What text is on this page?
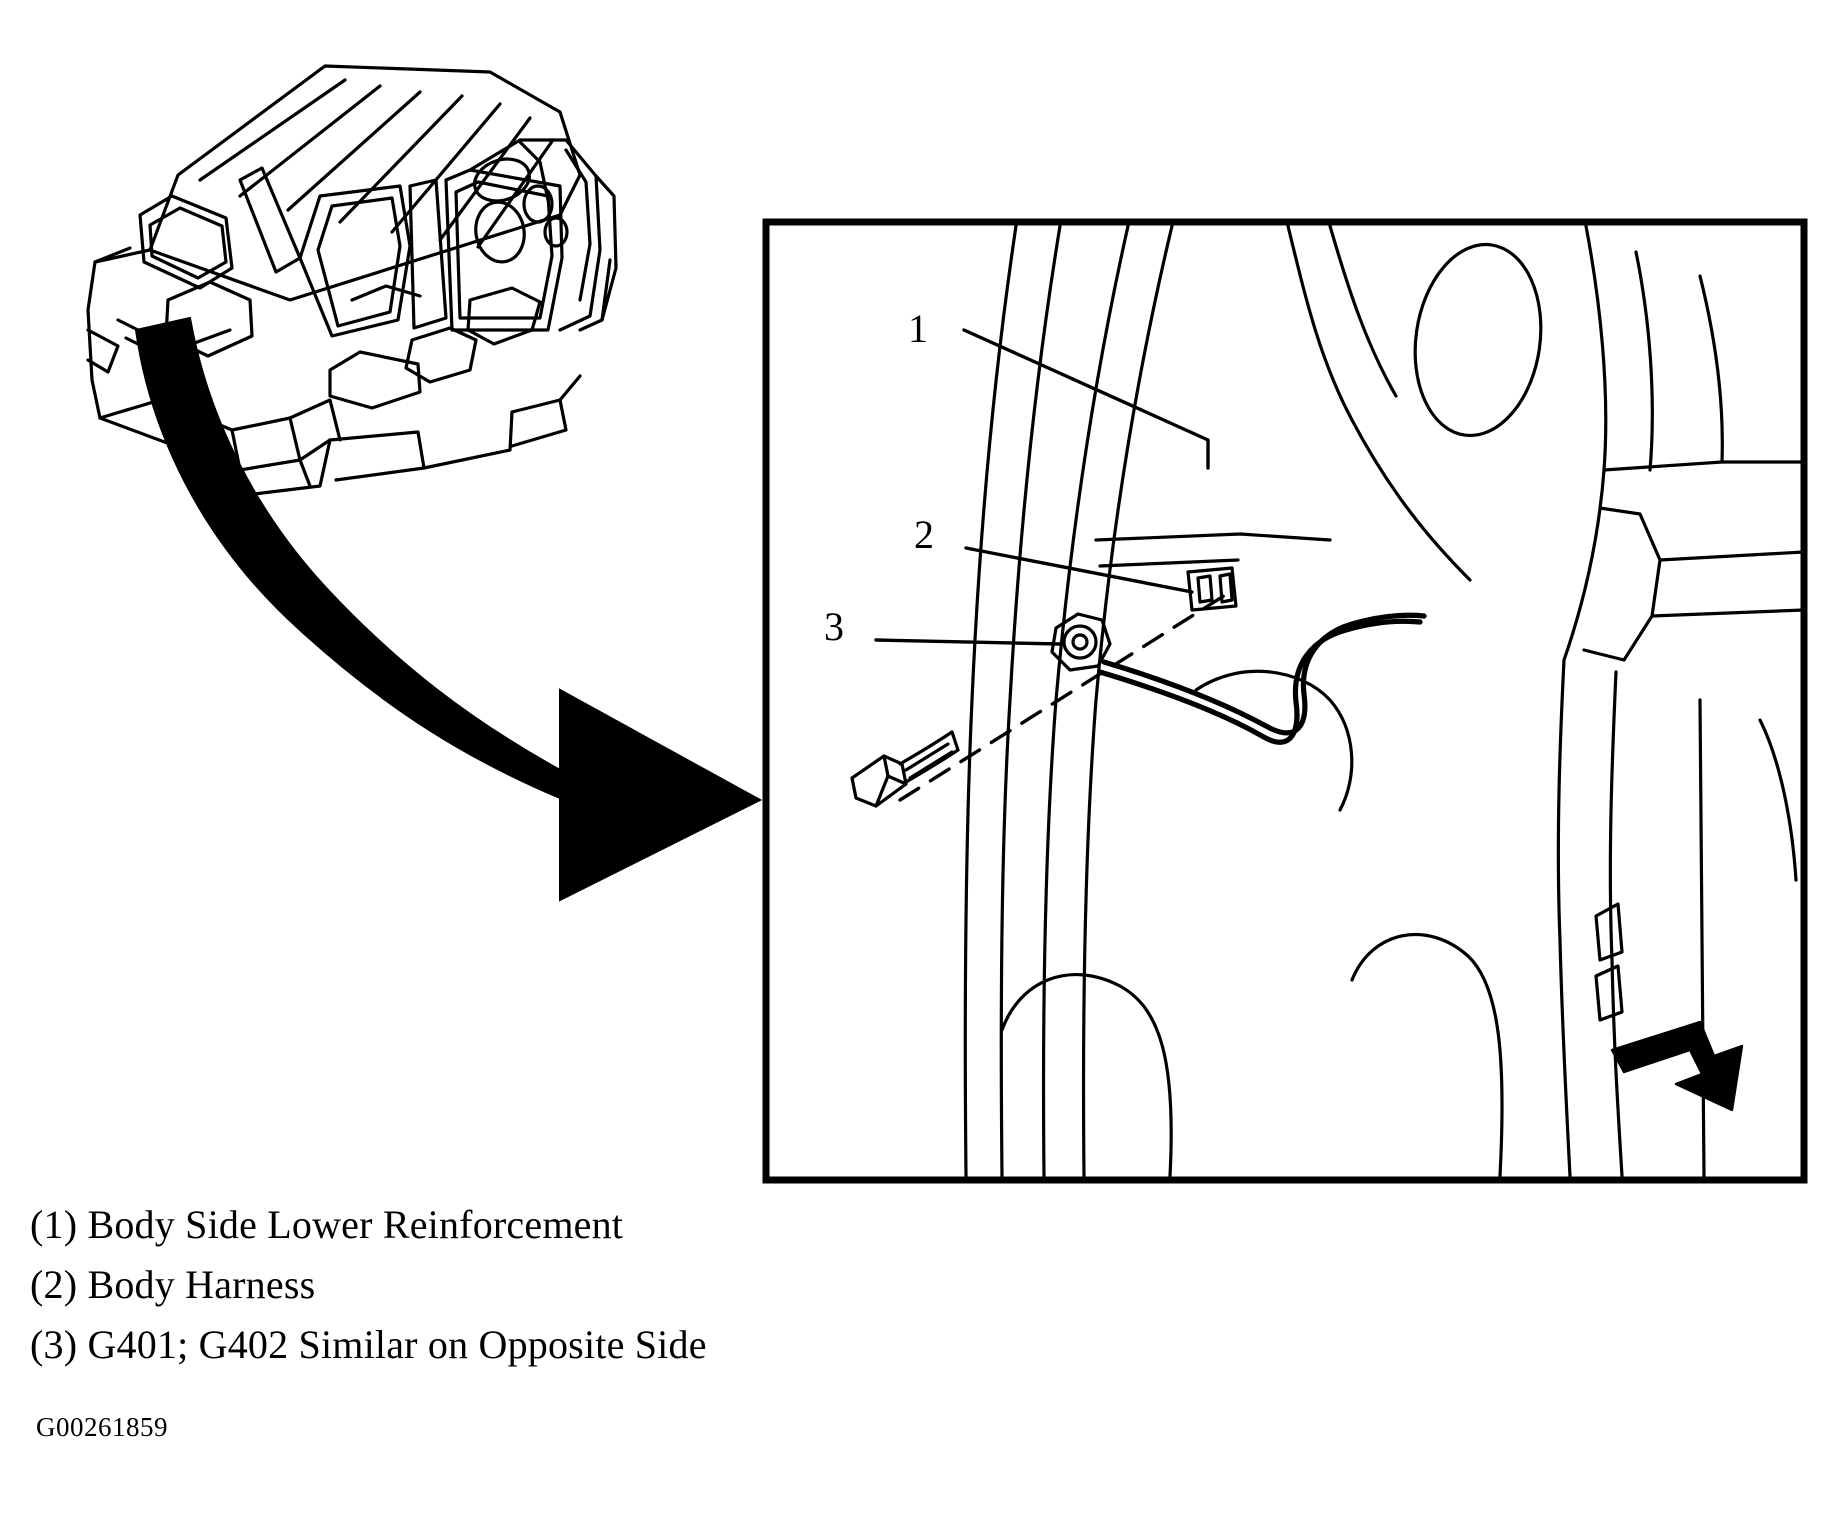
1
2
3
(1) Body Side Lower Reinforcement
(2) Body Harness
(3) G401; G402 Similar on Opposite Side
G00261859
